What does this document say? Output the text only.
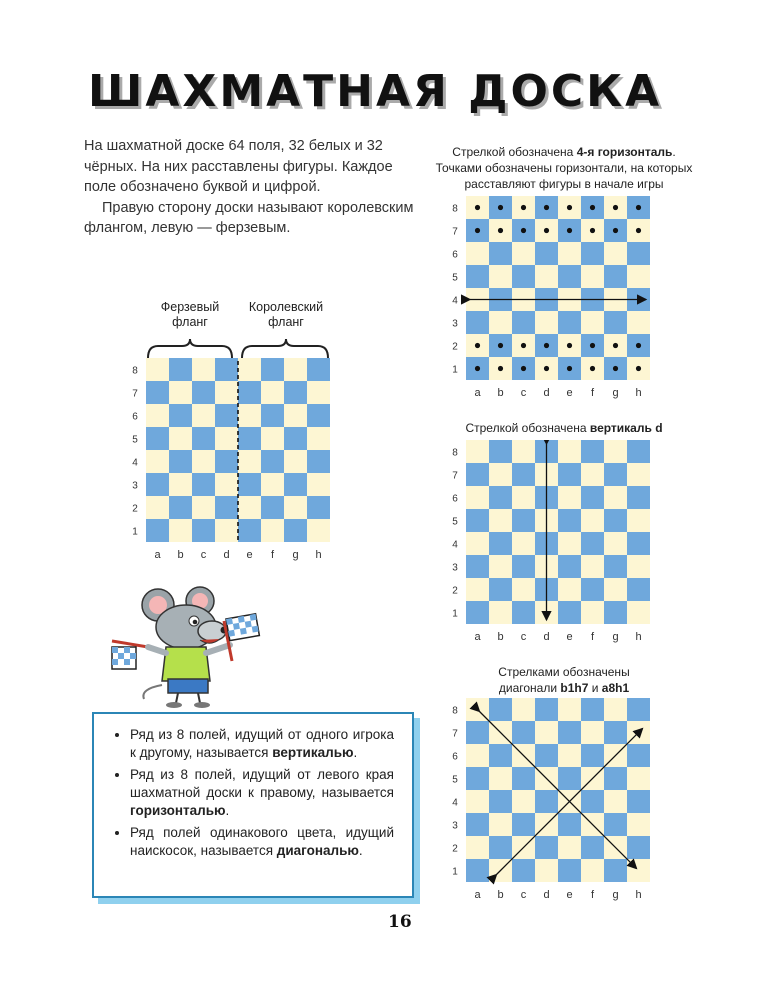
ШАХМАТНАЯ ДОСКА

На шахматной доске 64 поля, 32 белых и 32 чёрных. На них расставлены фигуры. Каждое поле обозначено буквой и цифрой.

Правую сторону доски называют королевским флангом, левую — ферзевым.

Ферзевый
фланг
Королевский
фланг
1
2
3
4
5
6
7
8
a b c d e f g h
Стрелкой обозначена 4-я горизонталь.
Точками обозначены горизонтали, на которых
расставляют фигуры в начале игры
1
2
3
4
5
6
7
8
a b c d e f g h
Стрелкой обозначена вертикаль d
1
2
3
4
5
6
7
8
a b c d e f g h
Стрелками обозначены
диагонали b1h7 и a8h1
1
2
3
4
5
6
7
8
a b c d e f g h
• Ряд из 8 полей, идущий от одного игрока к другому, называется вертикалью.
• Ряд из 8 полей, идущий от левого края шахматной доски к правому, называется горизонталью.
• Ряд полей одинакового цвета, идущий наискосок, называется диагональю.
16
